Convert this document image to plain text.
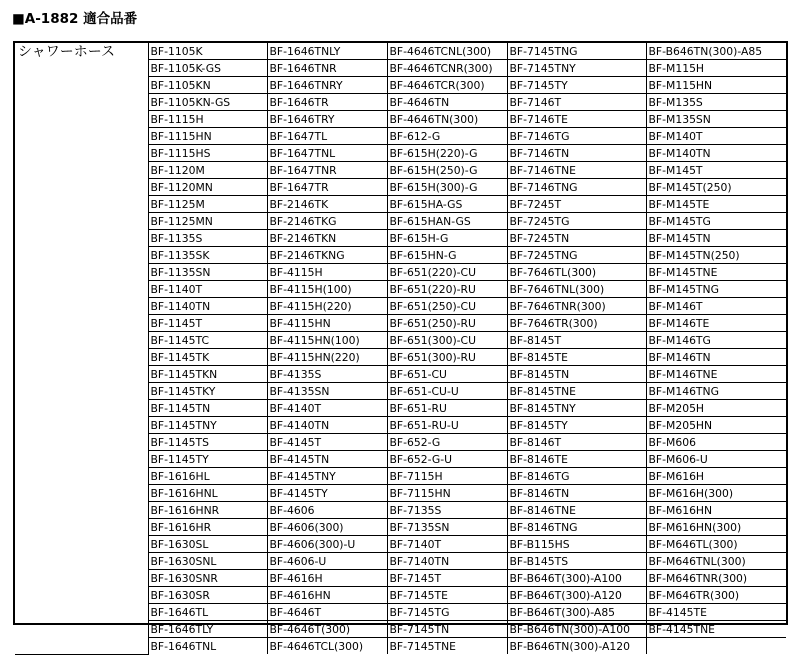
■A-1882 適合品番
シャワーホース	BF-1105K	BF-1646TNLY	BF-4646TCNL(300)	BF-7145TNG	BF-B646TN(300)-A85
	BF-1105K-GS	BF-1646TNR	BF-4646TCNR(300)	BF-7145TNY	BF-M115H
	BF-1105KN	BF-1646TNRY	BF-4646TCR(300)	BF-7145TY	BF-M115HN
	BF-1105KN-GS	BF-1646TR	BF-4646TN	BF-7146T	BF-M135S
	BF-1115H	BF-1646TRY	BF-4646TN(300)	BF-7146TE	BF-M135SN
	BF-1115HN	BF-1647TL	BF-612-G	BF-7146TG	BF-M140T
	BF-1115HS	BF-1647TNL	BF-615H(220)-G	BF-7146TN	BF-M140TN
	BF-1120M	BF-1647TNR	BF-615H(250)-G	BF-7146TNE	BF-M145T
	BF-1120MN	BF-1647TR	BF-615H(300)-G	BF-7146TNG	BF-M145T(250)
	BF-1125M	BF-2146TK	BF-615HA-GS	BF-7245T	BF-M145TE
	BF-1125MN	BF-2146TKG	BF-615HAN-GS	BF-7245TG	BF-M145TG
	BF-1135S	BF-2146TKN	BF-615H-G	BF-7245TN	BF-M145TN
	BF-1135SK	BF-2146TKNG	BF-615HN-G	BF-7245TNG	BF-M145TN(250)
	BF-1135SN	BF-4115H	BF-651(220)-CU	BF-7646TL(300)	BF-M145TNE
	BF-1140T	BF-4115H(100)	BF-651(220)-RU	BF-7646TNL(300)	BF-M145TNG
	BF-1140TN	BF-4115H(220)	BF-651(250)-CU	BF-7646TNR(300)	BF-M146T
	BF-1145T	BF-4115HN	BF-651(250)-RU	BF-7646TR(300)	BF-M146TE
	BF-1145TC	BF-4115HN(100)	BF-651(300)-CU	BF-8145T	BF-M146TG
	BF-1145TK	BF-4115HN(220)	BF-651(300)-RU	BF-8145TE	BF-M146TN
	BF-1145TKN	BF-4135S	BF-651-CU	BF-8145TN	BF-M146TNE
	BF-1145TKY	BF-4135SN	BF-651-CU-U	BF-8145TNE	BF-M146TNG
	BF-1145TN	BF-4140T	BF-651-RU	BF-8145TNY	BF-M205H
	BF-1145TNY	BF-4140TN	BF-651-RU-U	BF-8145TY	BF-M205HN
	BF-1145TS	BF-4145T	BF-652-G	BF-8146T	BF-M606
	BF-1145TY	BF-4145TN	BF-652-G-U	BF-8146TE	BF-M606-U
	BF-1616HL	BF-4145TNY	BF-7115H	BF-8146TG	BF-M616H
	BF-1616HNL	BF-4145TY	BF-7115HN	BF-8146TN	BF-M616H(300)
	BF-1616HNR	BF-4606	BF-7135S	BF-8146TNE	BF-M616HN
	BF-1616HR	BF-4606(300)	BF-7135SN	BF-8146TNG	BF-M616HN(300)
	BF-1630SL	BF-4606(300)-U	BF-7140T	BF-B115HS	BF-M646TL(300)
	BF-1630SNL	BF-4606-U	BF-7140TN	BF-B145TS	BF-M646TNL(300)
	BF-1630SNR	BF-4616H	BF-7145T	BF-B646T(300)-A100	BF-M646TNR(300)
	BF-1630SR	BF-4616HN	BF-7145TE	BF-B646T(300)-A120	BF-M646TR(300)
	BF-1646TL	BF-4646T	BF-7145TG	BF-B646T(300)-A85	BF-4145TE
	BF-1646TLY	BF-4646T(300)	BF-7145TN	BF-B646TN(300)-A100	BF-4145TNE
	BF-1646TNL	BF-4646TCL(300)	BF-7145TNE	BF-B646TN(300)-A120	
